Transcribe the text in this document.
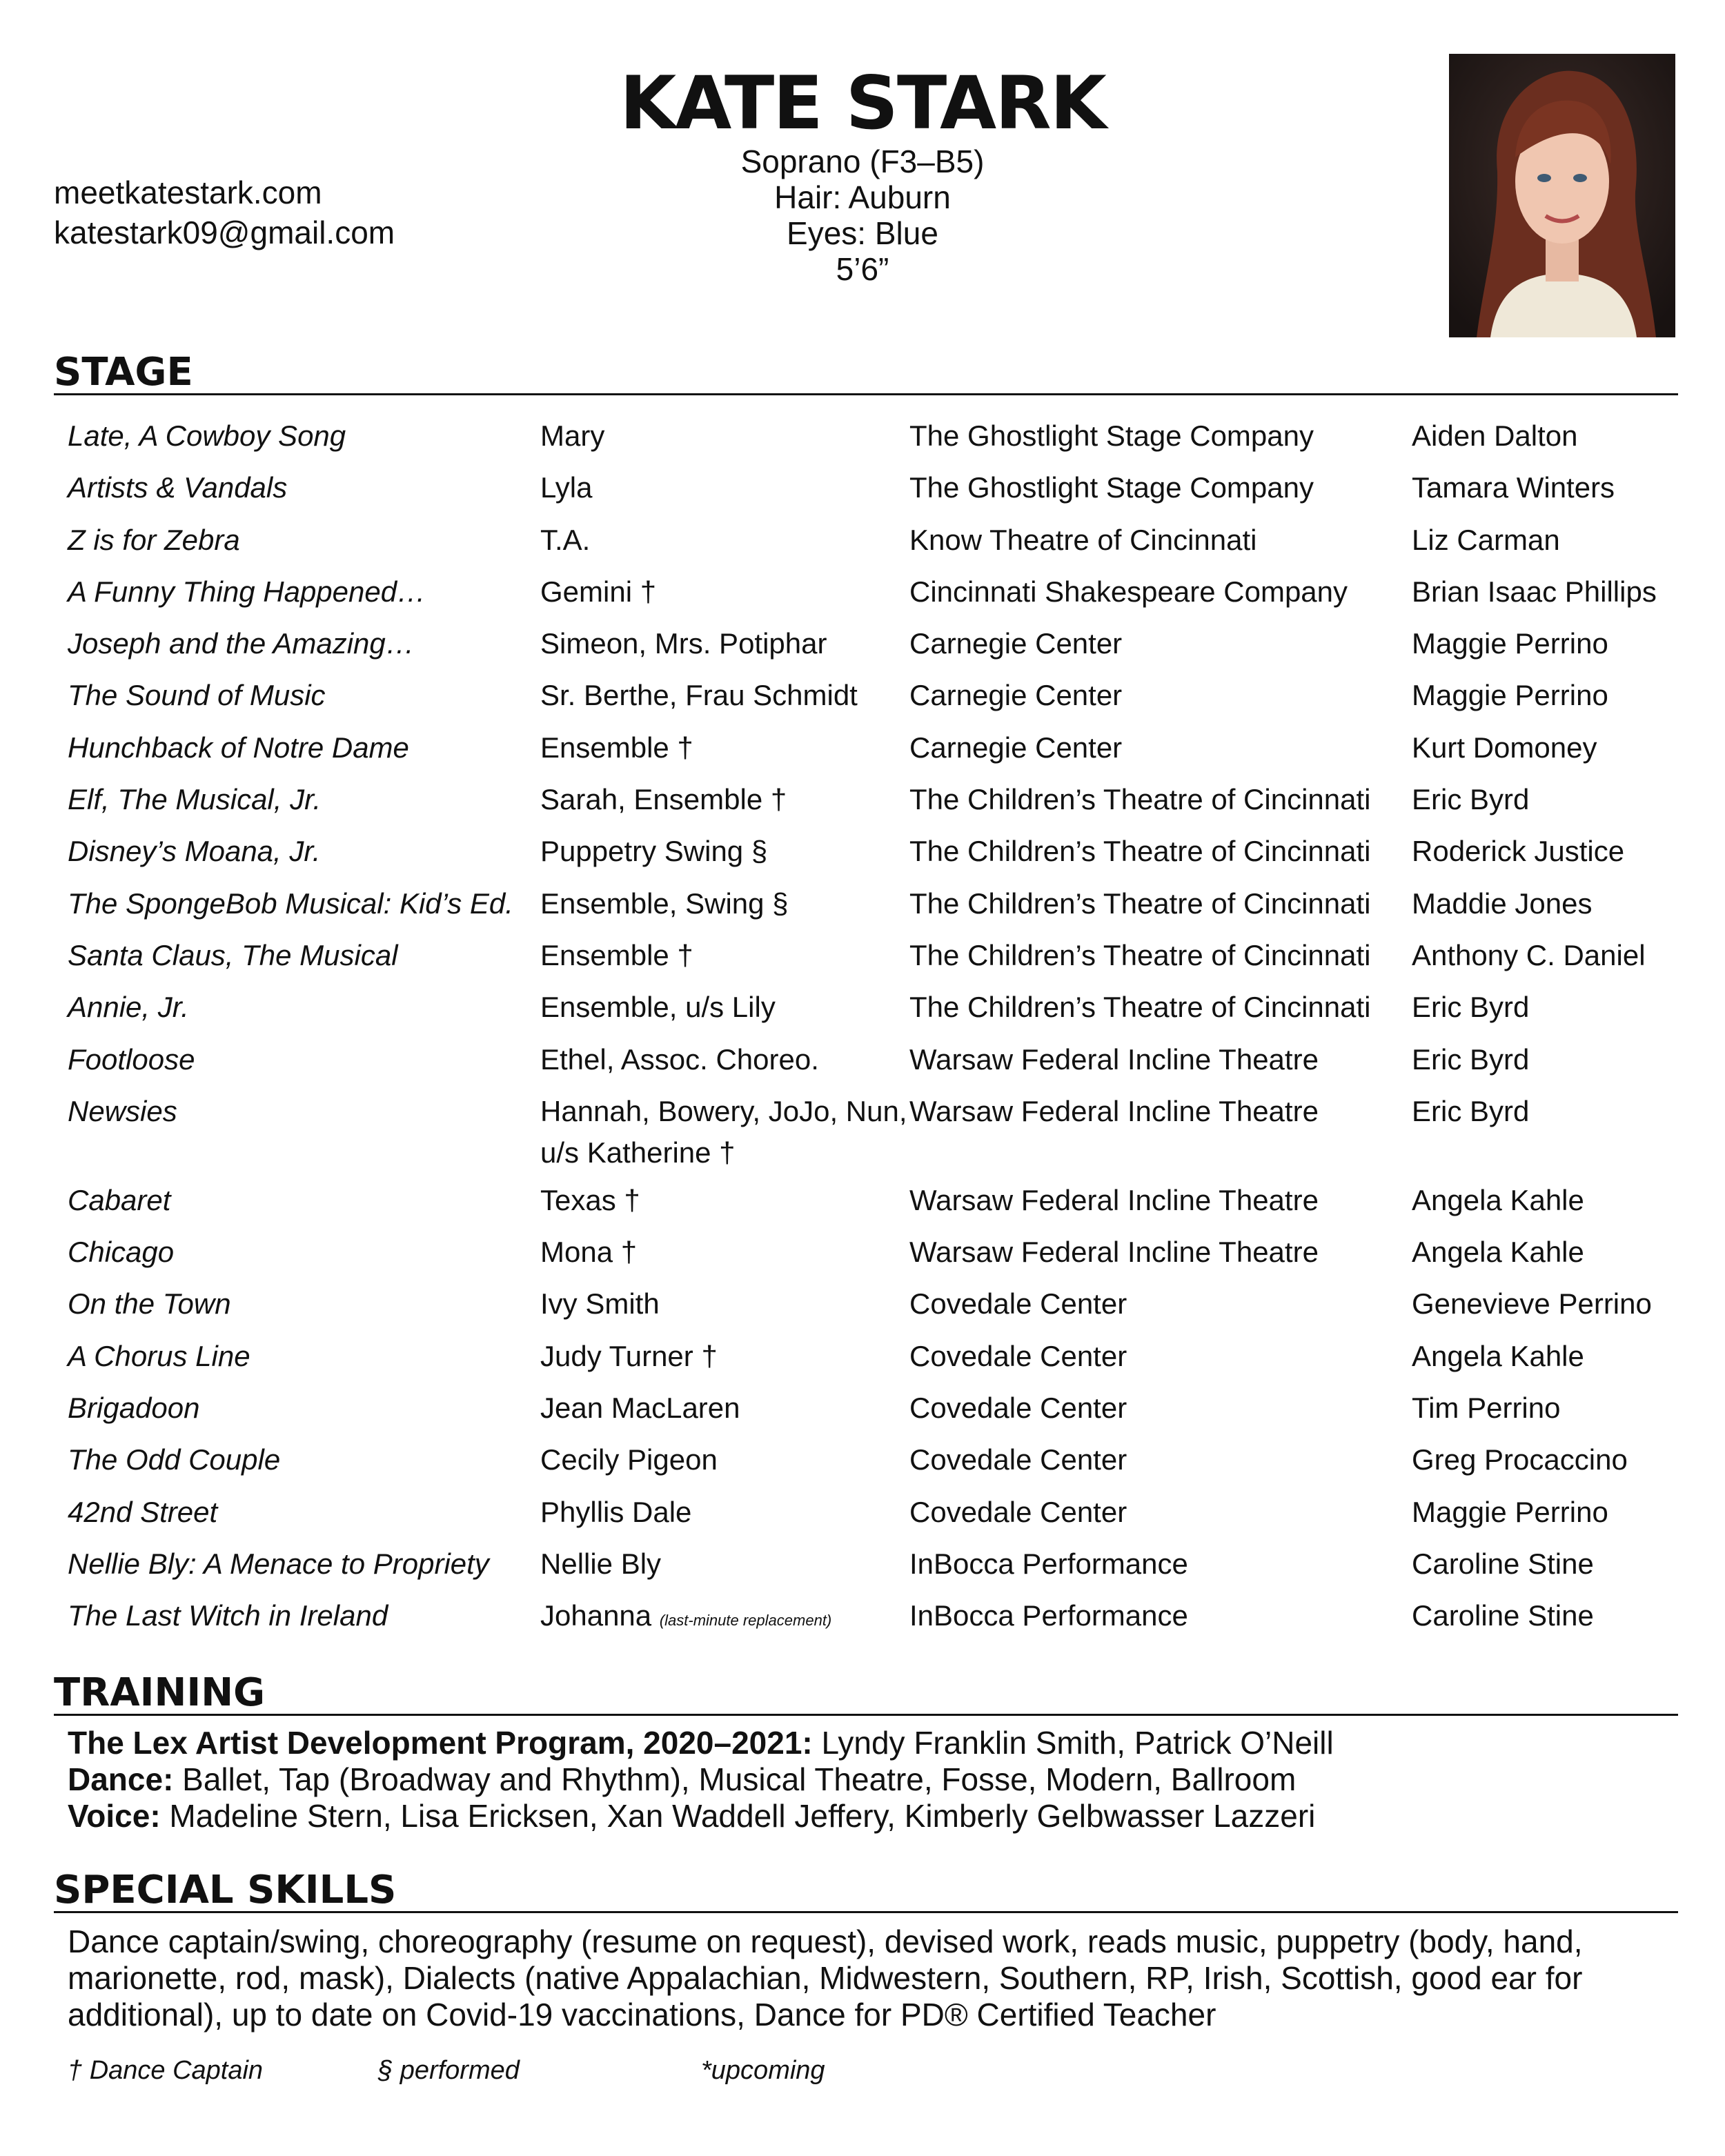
KATE STARK
Soprano (F3–B5)
Hair: Auburn
Eyes: Blue
5’6”
meetkatestark.com
katestark09@gmail.com
STAGE
Late, A Cowboy Song	Mary	The Ghostlight Stage Company	Aiden Dalton
Artists & Vandals	Lyla	The Ghostlight Stage Company	Tamara Winters
Z is for Zebra	T.A.	Know Theatre of Cincinnati	Liz Carman
A Funny Thing Happened…	Gemini †	Cincinnati Shakespeare Company	Brian Isaac Phillips
Joseph and the Amazing…	Simeon, Mrs. Potiphar	Carnegie Center	Maggie Perrino
The Sound of Music	Sr. Berthe, Frau Schmidt	Carnegie Center	Maggie Perrino
Hunchback of Notre Dame	Ensemble †	Carnegie Center	Kurt Domoney
Elf, The Musical, Jr.	Sarah, Ensemble †	The Children’s Theatre of Cincinnati	Eric Byrd
Disney’s Moana, Jr.	Puppetry Swing §	The Children’s Theatre of Cincinnati	Roderick Justice
The SpongeBob Musical: Kid’s Ed.	Ensemble, Swing §	The Children’s Theatre of Cincinnati	Maddie Jones
Santa Claus, The Musical	Ensemble †	The Children’s Theatre of Cincinnati	Anthony C. Daniel
Annie, Jr.	Ensemble, u/s Lily	The Children’s Theatre of Cincinnati	Eric Byrd
Footloose	Ethel, Assoc. Choreo.	Warsaw Federal Incline Theatre	Eric Byrd
Newsies	Hannah, Bowery, JoJo, Nun, u/s Katherine †	Warsaw Federal Incline Theatre	Eric Byrd
Cabaret	Texas †	Warsaw Federal Incline Theatre	Angela Kahle
Chicago	Mona †	Warsaw Federal Incline Theatre	Angela Kahle
On the Town	Ivy Smith	Covedale Center	Genevieve Perrino
A Chorus Line	Judy Turner †	Covedale Center	Angela Kahle
Brigadoon	Jean MacLaren	Covedale Center	Tim Perrino
The Odd Couple	Cecily Pigeon	Covedale Center	Greg Procaccino
42nd Street	Phyllis Dale	Covedale Center	Maggie Perrino
Nellie Bly: A Menace to Propriety	Nellie Bly	InBocca Performance	Caroline Stine
The Last Witch in Ireland	Johanna (last-minute replacement)	InBocca Performance	Caroline Stine
TRAINING
The Lex Artist Development Program, 2020–2021: Lyndy Franklin Smith, Patrick O’Neill
Dance: Ballet, Tap (Broadway and Rhythm), Musical Theatre, Fosse, Modern, Ballroom
Voice: Madeline Stern, Lisa Ericksen, Xan Waddell Jeffery, Kimberly Gelbwasser Lazzeri
SPECIAL SKILLS
Dance captain/swing, choreography (resume on request), devised work, reads music, puppetry (body, hand, marionette, rod, mask), Dialects (native Appalachian, Midwestern, Southern, RP, Irish, Scottish, good ear for additional), up to date on Covid-19 vaccinations, Dance for PD® Certified Teacher
† Dance Captain	§ performed	*upcoming
